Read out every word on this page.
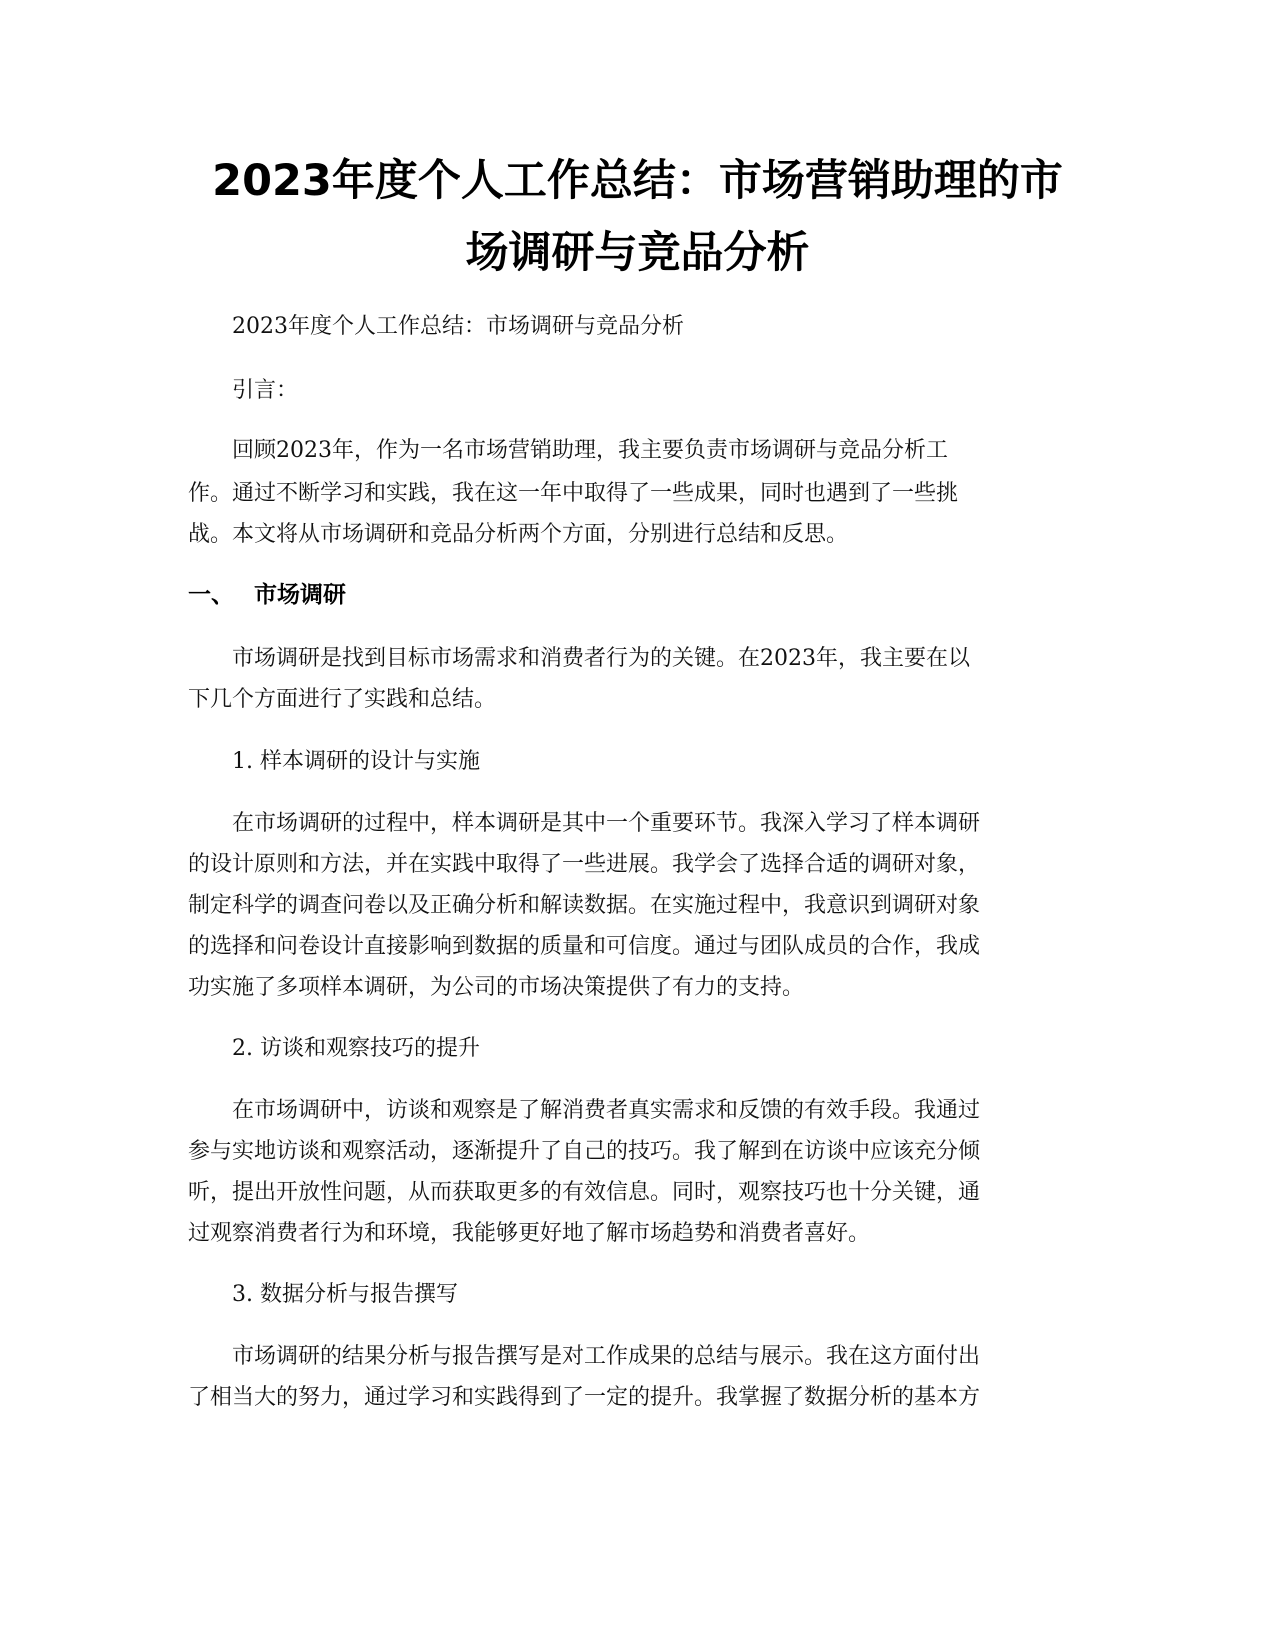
2023年度个人工作总结：市场营销助理的市
场调研与竞品分析

2023年度个人工作总结：市场调研与竞品分析

引言：

回顾2023年，作为一名市场营销助理，我主要负责市场调研与竞品分析工

作。通过不断学习和实践，我在这一年中取得了一些成果，同时也遇到了一些挑

战。本文将从市场调研和竞品分析两个方面，分别进行总结和反思。

一、 市场调研

市场调研是找到目标市场需求和消费者行为的关键。在2023年，我主要在以

下几个方面进行了实践和总结。

1. 样本调研的设计与实施

在市场调研的过程中，样本调研是其中一个重要环节。我深入学习了样本调研

的设计原则和方法，并在实践中取得了一些进展。我学会了选择合适的调研对象，

制定科学的调查问卷以及正确分析和解读数据。在实施过程中，我意识到调研对象

的选择和问卷设计直接影响到数据的质量和可信度。通过与团队成员的合作，我成

功实施了多项样本调研，为公司的市场决策提供了有力的支持。

2. 访谈和观察技巧的提升

在市场调研中，访谈和观察是了解消费者真实需求和反馈的有效手段。我通过

参与实地访谈和观察活动，逐渐提升了自己的技巧。我了解到在访谈中应该充分倾

听，提出开放性问题，从而获取更多的有效信息。同时，观察技巧也十分关键，通

过观察消费者行为和环境，我能够更好地了解市场趋势和消费者喜好。

3. 数据分析与报告撰写

市场调研的结果分析与报告撰写是对工作成果的总结与展示。我在这方面付出

了相当大的努力，通过学习和实践得到了一定的提升。我掌握了数据分析的基本方
